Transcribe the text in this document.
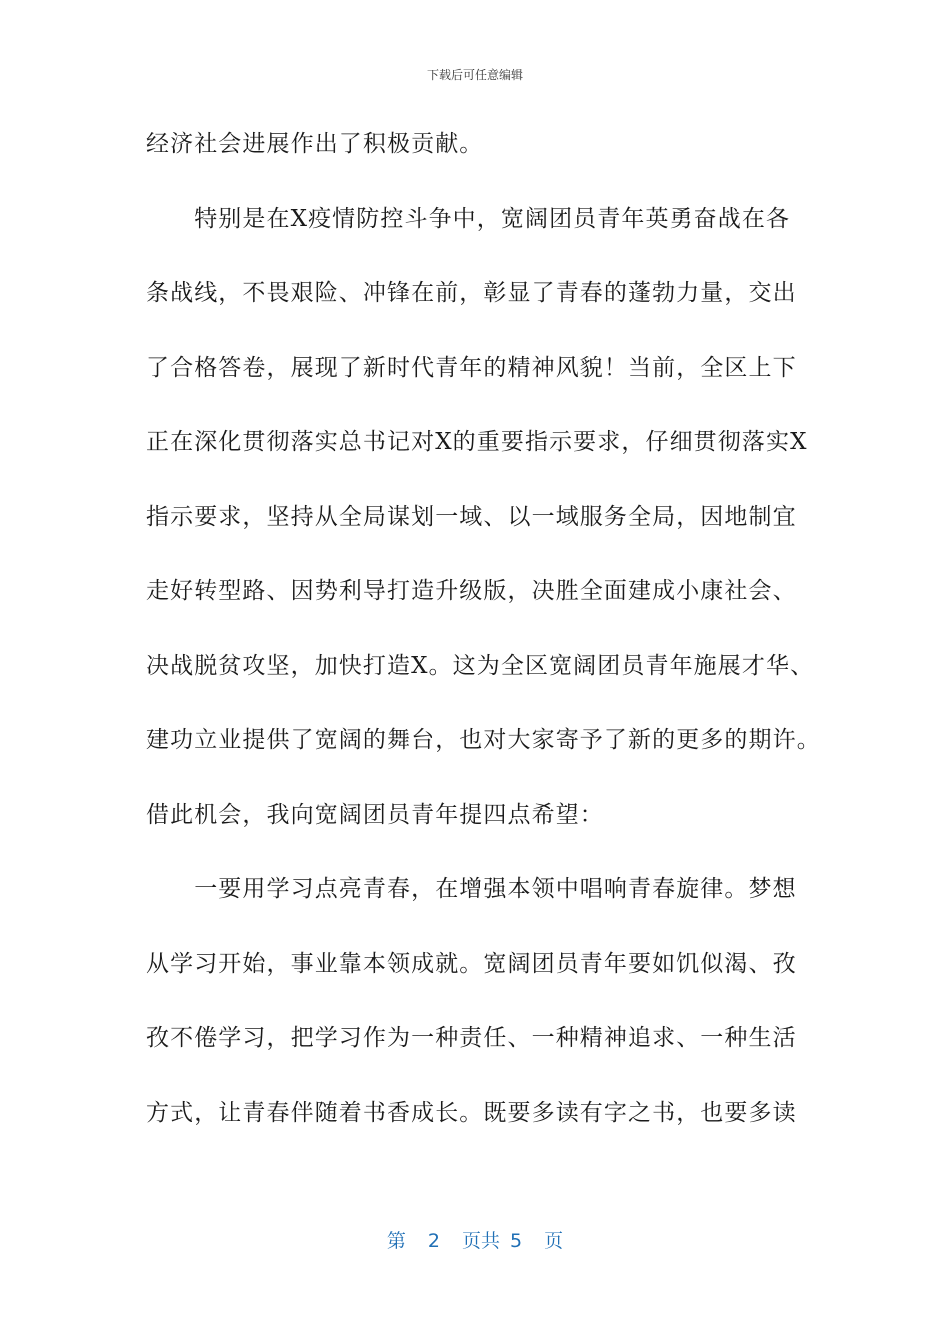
下载后可任意编辑
经济社会进展作出了积极贡献。
　　特别是在X疫情防控斗争中，宽阔团员青年英勇奋战在各
条战线，不畏艰险、冲锋在前，彰显了青春的蓬勃力量，交出
了合格答卷，展现了新时代青年的精神风貌！当前，全区上下
正在深化贯彻落实总书记对X的重要指示要求，仔细贯彻落实X
指示要求，坚持从全局谋划一域、以一域服务全局，因地制宜
走好转型路、因势利导打造升级版，决胜全面建成小康社会、
决战脱贫攻坚，加快打造X。这为全区宽阔团员青年施展才华、
建功立业提供了宽阔的舞台，也对大家寄予了新的更多的期许。
借此机会，我向宽阔团员青年提四点希望：
　　一要用学习点亮青春，在增强本领中唱响青春旋律。梦想
从学习开始，事业靠本领成就。宽阔团员青年要如饥似渴、孜
孜不倦学习，把学习作为一种责任、一种精神追求、一种生活
方式，让青春伴随着书香成长。既要多读有字之书，也要多读
第 2 页共 5 页
